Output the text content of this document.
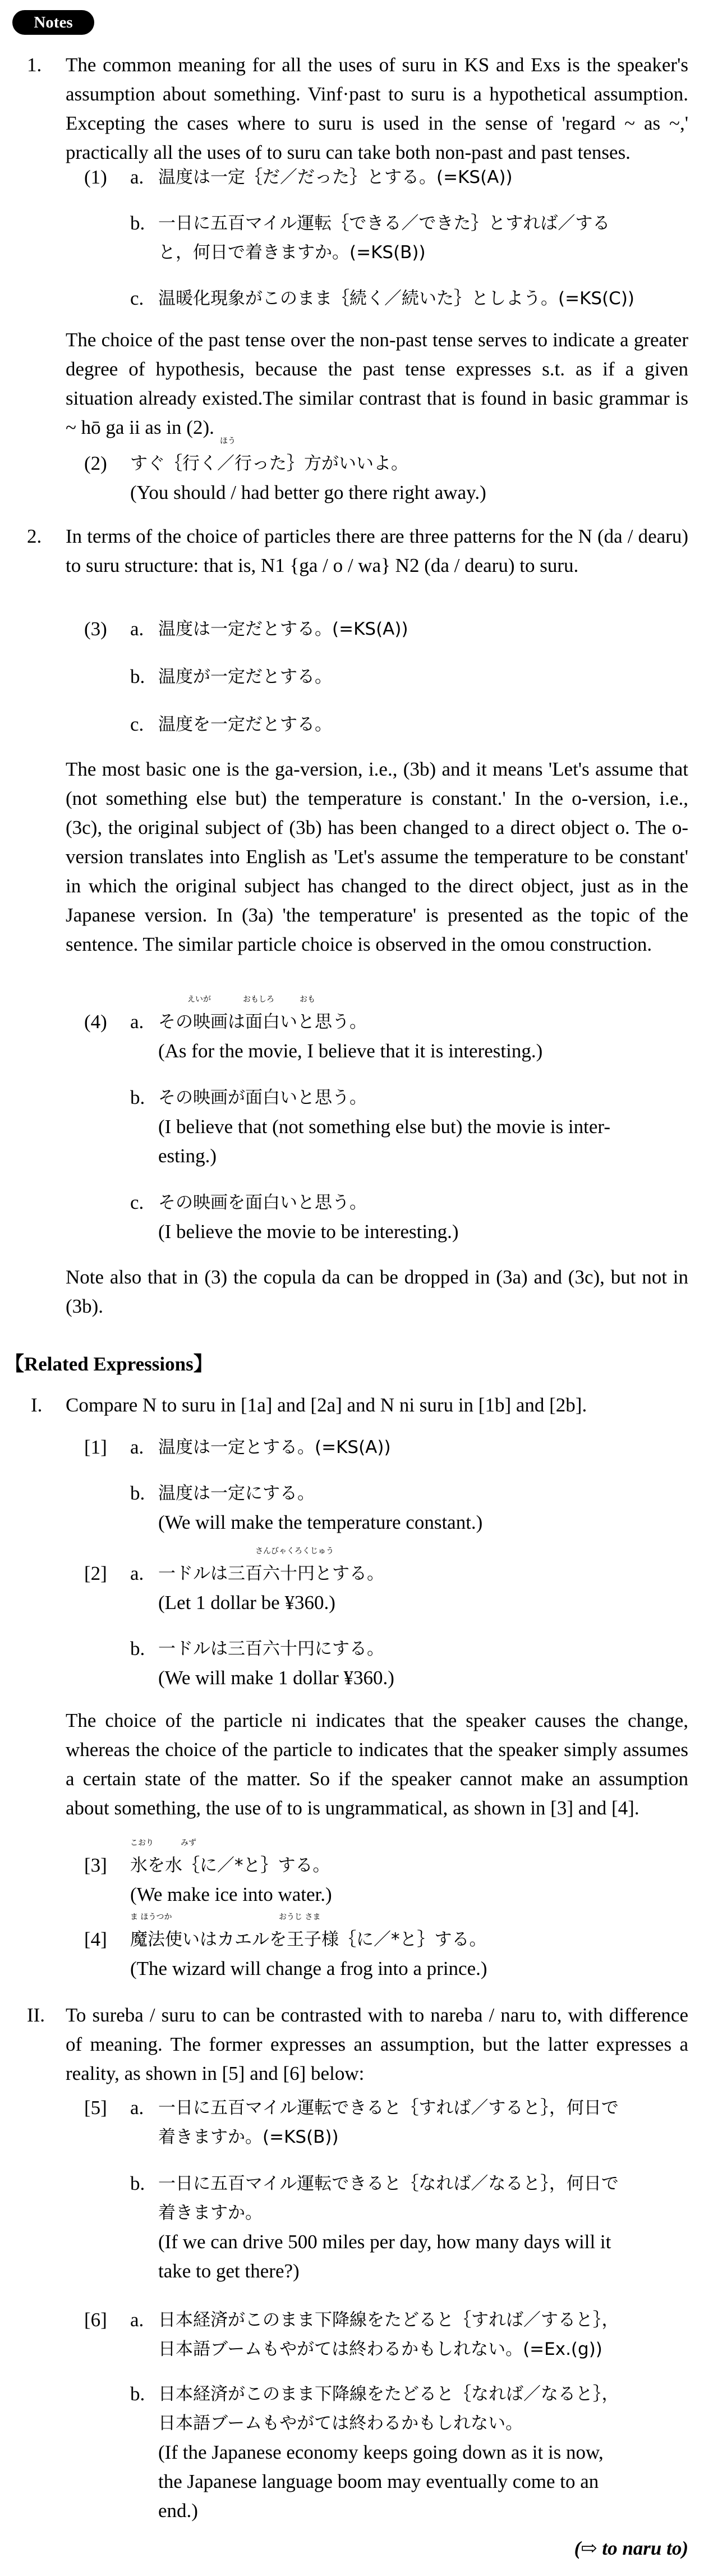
Notes
1. The common meaning for all the uses of suru in KS and Exs is the speaker's assumption about something. Vinf·past to suru is a hypothetical assumption. Excepting the cases where to suru is used in the sense of 'regard ~ as ~,' practically all the uses of to suru can take both non-past and past tenses.
(1) a. 温度は一定｛だ／だった｝とする。(=KS(A))
b. 一日に五百マイル運転｛できる／できた｝とすれば／する
と，何日で着きますか。(=KS(B))
c. 温暖化現象がこのまま｛続く／続いた｝としよう。(=KS(C))
The choice of the past tense over the non-past tense serves to indicate a greater degree of hypothesis, because the past tense expresses s.t. as if a given situation already existed.The similar contrast that is found in basic grammar is ~ hō ga ii as in (2).
(2)
ほう
すぐ｛行く／行った｝方がいいよ。
(You should / had better go there right away.)
2. In terms of the choice of particles there are three patterns for the N (da / dearu) to suru structure: that is, N1 {ga / o / wa} N2 (da / dearu) to suru.
(3) a. 温度は一定だとする。(=KS(A))
b. 温度が一定だとする。
c. 温度を一定だとする。
The most basic one is the ga-version, i.e., (3b) and it means 'Let's assume that (not something else but) the temperature is constant.' In the o-version, i.e., (3c), the original subject of (3b) has been changed to a direct object o. The o-version translates into English as 'Let's assume the temperature to be constant' in which the original subject has changed to the direct object, just as in the Japanese version. In (3a) 'the temperature' is presented as the topic of the sentence. The similar particle choice is observed in the omou construction.
(4) a.
えいが	おもしろ	おも
その映画は面白いと思う。
(As for the movie, I believe that it is interesting.)
b. その映画が面白いと思う。
(I believe that (not something else but) the movie is inter-
esting.)
c. その映画を面白いと思う。
(I believe the movie to be interesting.)
Note also that in (3) the copula da can be dropped in (3a) and (3c), but not in (3b).
【Related Expressions】
I. Compare N to suru in [1a] and [2a] and N ni suru in [1b] and [2b].
[1] a. 温度は一定とする。(=KS(A))
b. 温度は一定にする。
(We will make the temperature constant.)
[2] a.
さんびゃくろくじゅう
一ドルは三百六十円とする。
(Let 1 dollar be ¥360.)
b. 一ドルは三百六十円にする。
(We will make 1 dollar ¥360.)
The choice of the particle ni indicates that the speaker causes the change, whereas the choice of the particle to indicates that the speaker simply assumes a certain state of the matter. So if the speaker cannot make an assumption about something, the use of to is ungrammatical, as shown in [3] and [4].
[3]
こおり	みず
氷を水｛に／*と｝する。
(We make ice into water.)
[4]
ま ほうつか	おうじ さま
魔法使いはカエルを王子様｛に／*と｝する。
(The wizard will change a frog into a prince.)
II. To sureba / suru to can be contrasted with to nareba / naru to, with difference of meaning. The former expresses an assumption, but the latter expresses a reality, as shown in [5] and [6] below:
[5] a. 一日に五百マイル運転できると｛すれば／すると｝，何日で
着きますか。(=KS(B))
b. 一日に五百マイル運転できると｛なれば／なると｝，何日で
着きますか。
(If we can drive 500 miles per day, how many days will it
take to get there?)
[6] a. 日本経済がこのまま下降線をたどると｛すれば／すると｝，
日本語ブームもやがては終わるかもしれない。(=Ex.(g))
b. 日本経済がこのまま下降線をたどると｛なれば／なると｝，
日本語ブームもやがては終わるかもしれない。
(If the Japanese economy keeps going down as it is now,
the Japanese language boom may eventually come to an
end.)
(⇨ to naru to)
